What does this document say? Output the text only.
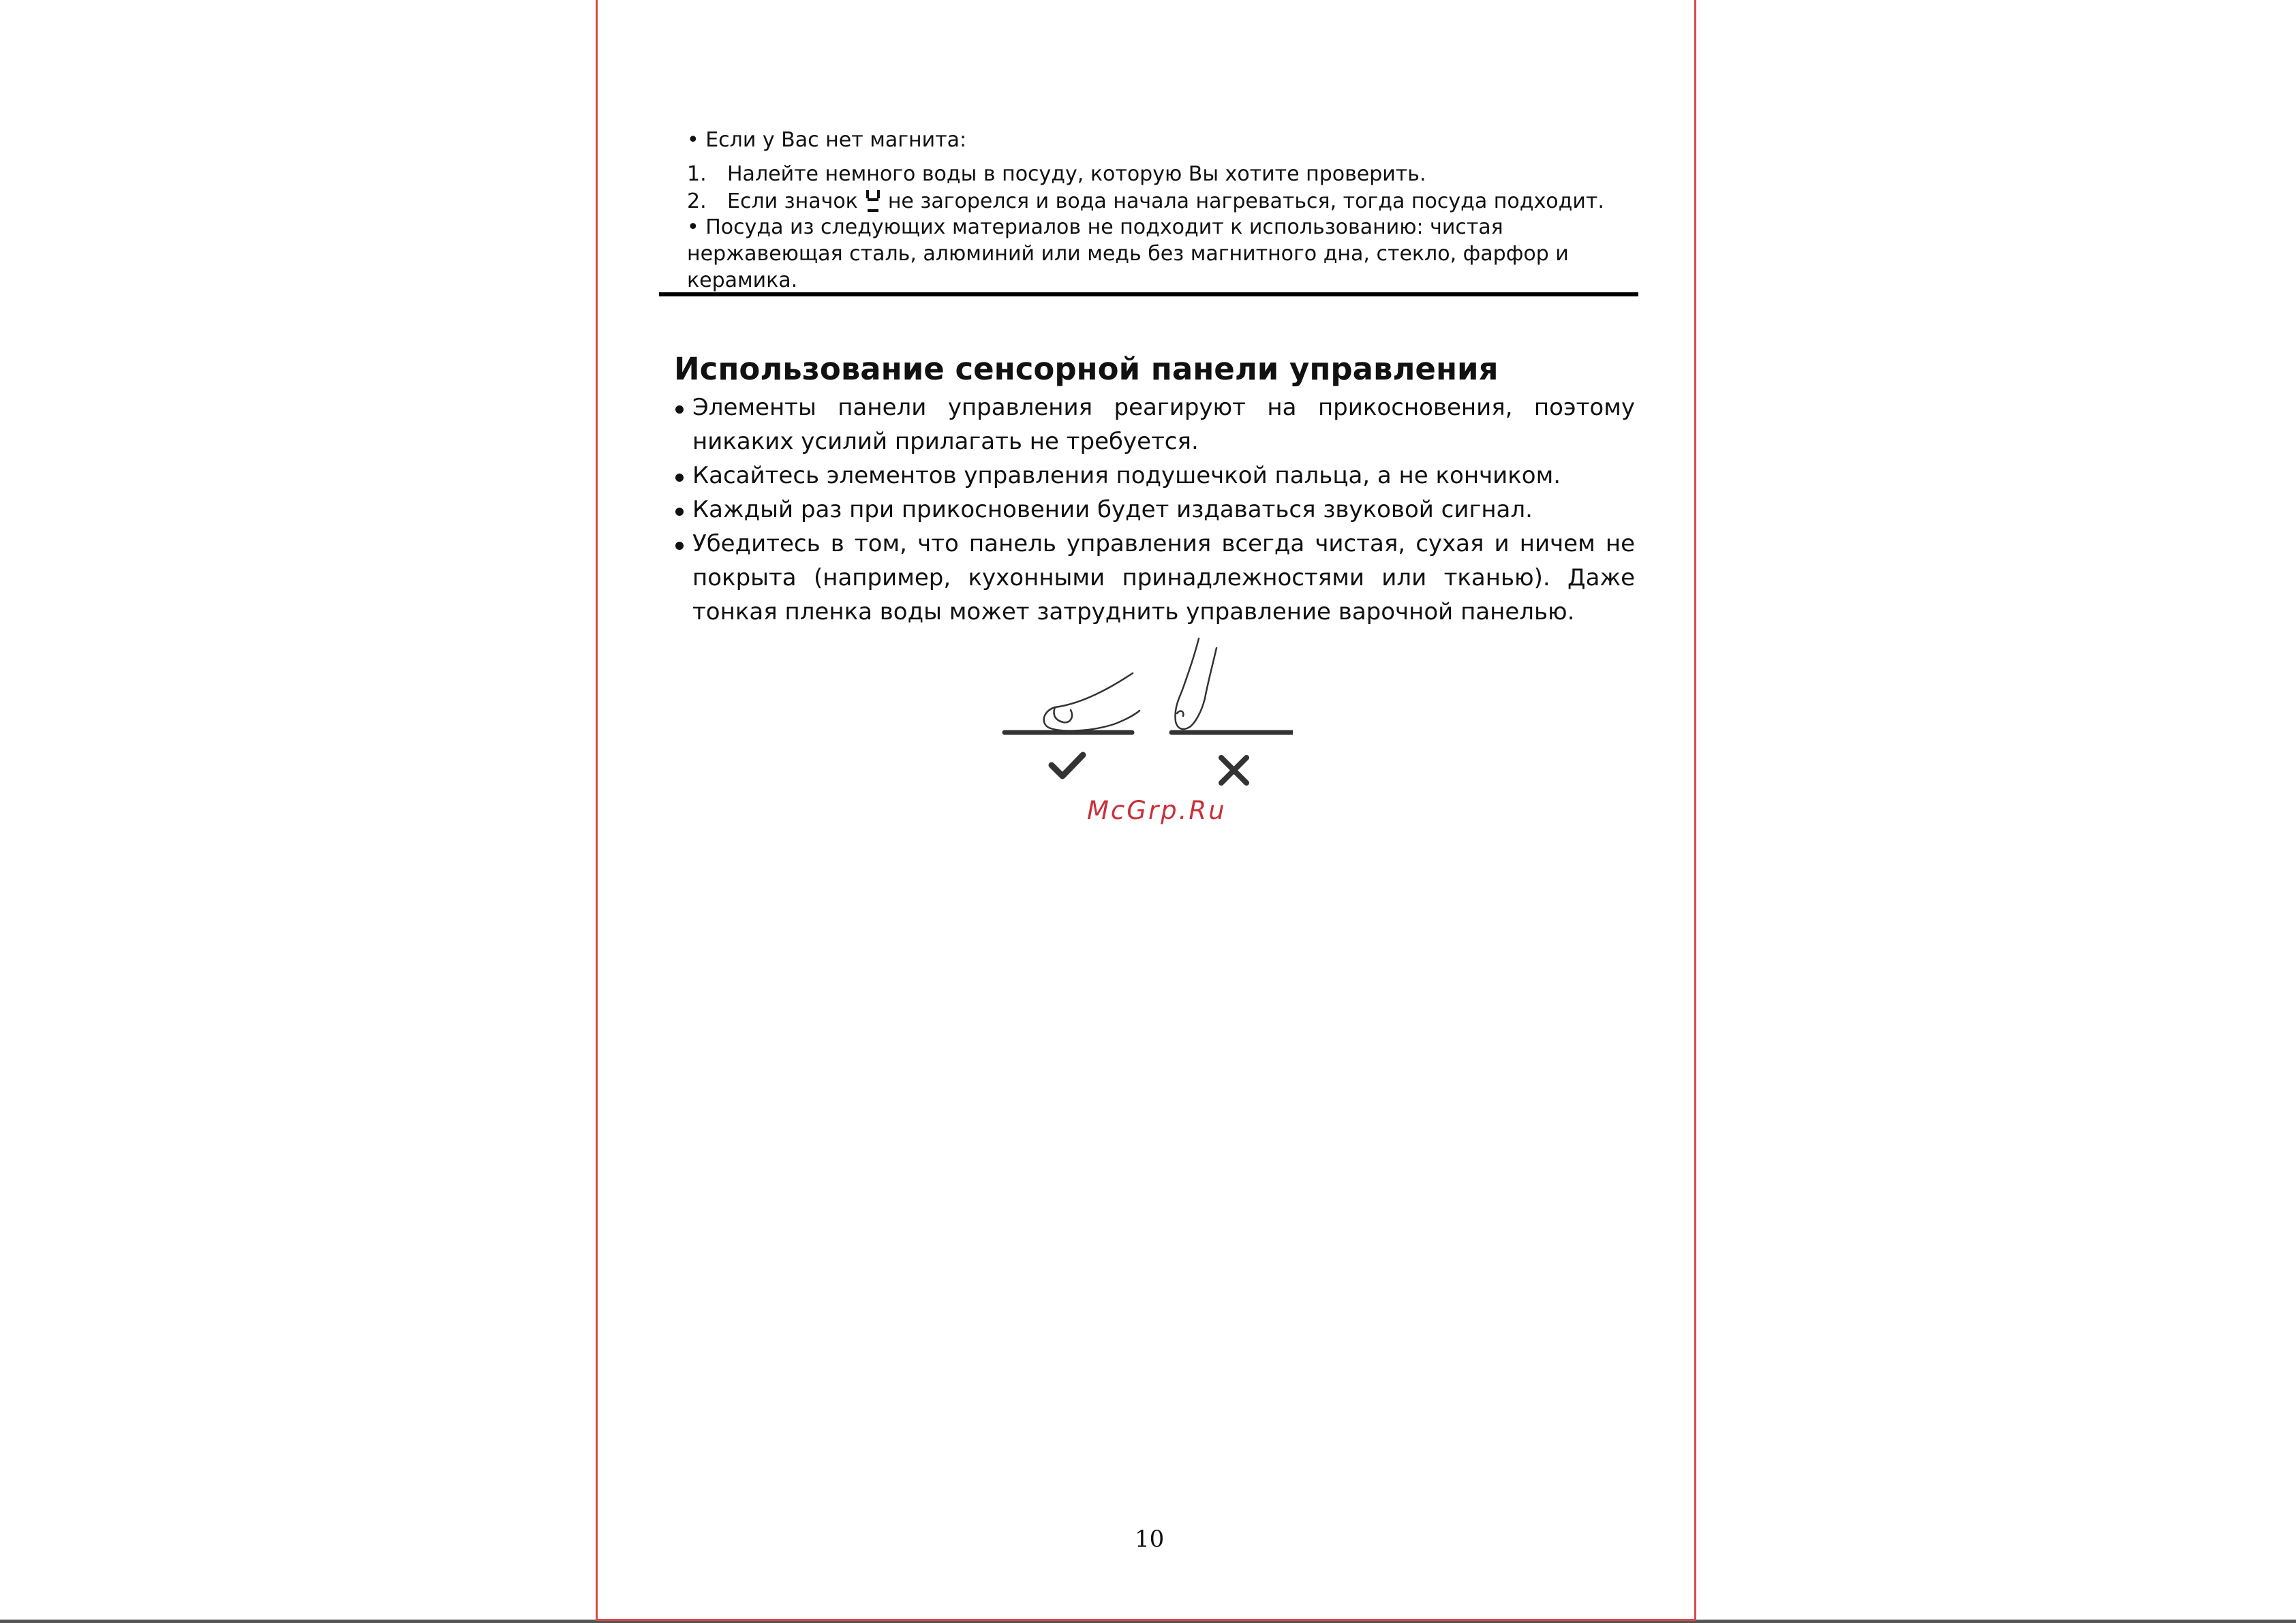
• Если у Вас нет магнита:

1. Налейте немного воды в посуду, которую Вы хотите проверить.

2. Если значок не загорелся и вода начала нагреваться, тогда посуда подходит.

• Посуда из следующих материалов не подходит к использованию: чистая

нержавеющая сталь, алюминий или медь без магнитного дна, стекло, фарфор и

керамика.

Использование сенсорной панели управления
Элементы панели управления реагируют на прикосновения, поэтому никаких усилий прилагать не требуется.
Касайтесь элементов управления подушечкой пальца, а не кончиком.
Каждый раз при прикосновении будет издаваться звуковой сигнал.
Убедитесь в том, что панель управления всегда чистая, сухая и ничем не покрыта (например, кухонными принадлежностями или тканью). Даже тонкая пленка воды может затруднить управление варочной панелью.
McGrp.Ru
10
